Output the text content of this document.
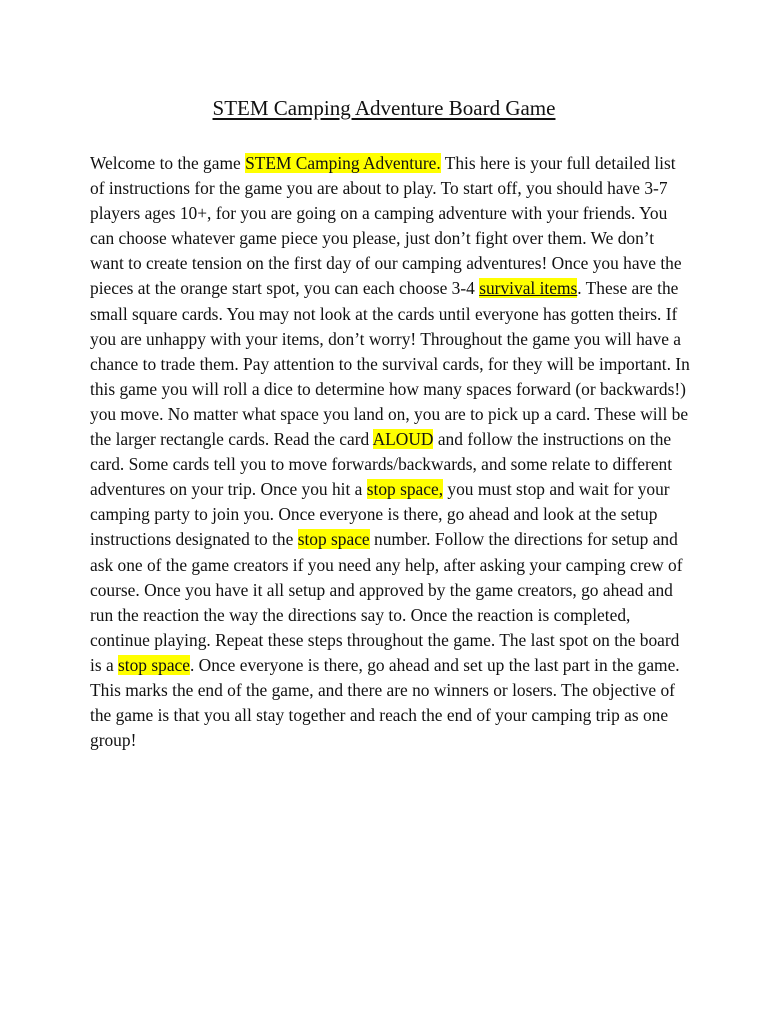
STEM Camping Adventure Board Game

Welcome to the game STEM Camping Adventure. This here is your full detailed list of instructions for the game you are about to play. To start off, you should have 3-7 players ages 10+, for you are going on a camping adventure with your friends. You can choose whatever game piece you please, just don’t fight over them. We don’t want to create tension on the first day of our camping adventures! Once you have the pieces at the orange start spot, you can each choose 3-4 survival items. These are the small square cards. You may not look at the cards until everyone has gotten theirs. If you are unhappy with your items, don’t worry! Throughout the game you will have a chance to trade them. Pay attention to the survival cards, for they will be important. In this game you will roll a dice to determine how many spaces forward (or backwards!) you move. No matter what space you land on, you are to pick up a card. These will be the larger rectangle cards. Read the card ALOUD and follow the instructions on the card. Some cards tell you to move forwards/backwards, and some relate to different adventures on your trip. Once you hit a stop space, you must stop and wait for your camping party to join you. Once everyone is there, go ahead and look at the setup instructions designated to the stop space number. Follow the directions for setup and ask one of the game creators if you need any help, after asking your camping crew of course. Once you have it all setup and approved by the game creators, go ahead and run the reaction the way the directions say to. Once the reaction is completed, continue playing. Repeat these steps throughout the game. The last spot on the board is a stop space. Once everyone is there, go ahead and set up the last part in the game. This marks the end of the game, and there are no winners or losers. The objective of the game is that you all stay together and reach the end of your camping trip as one group!
